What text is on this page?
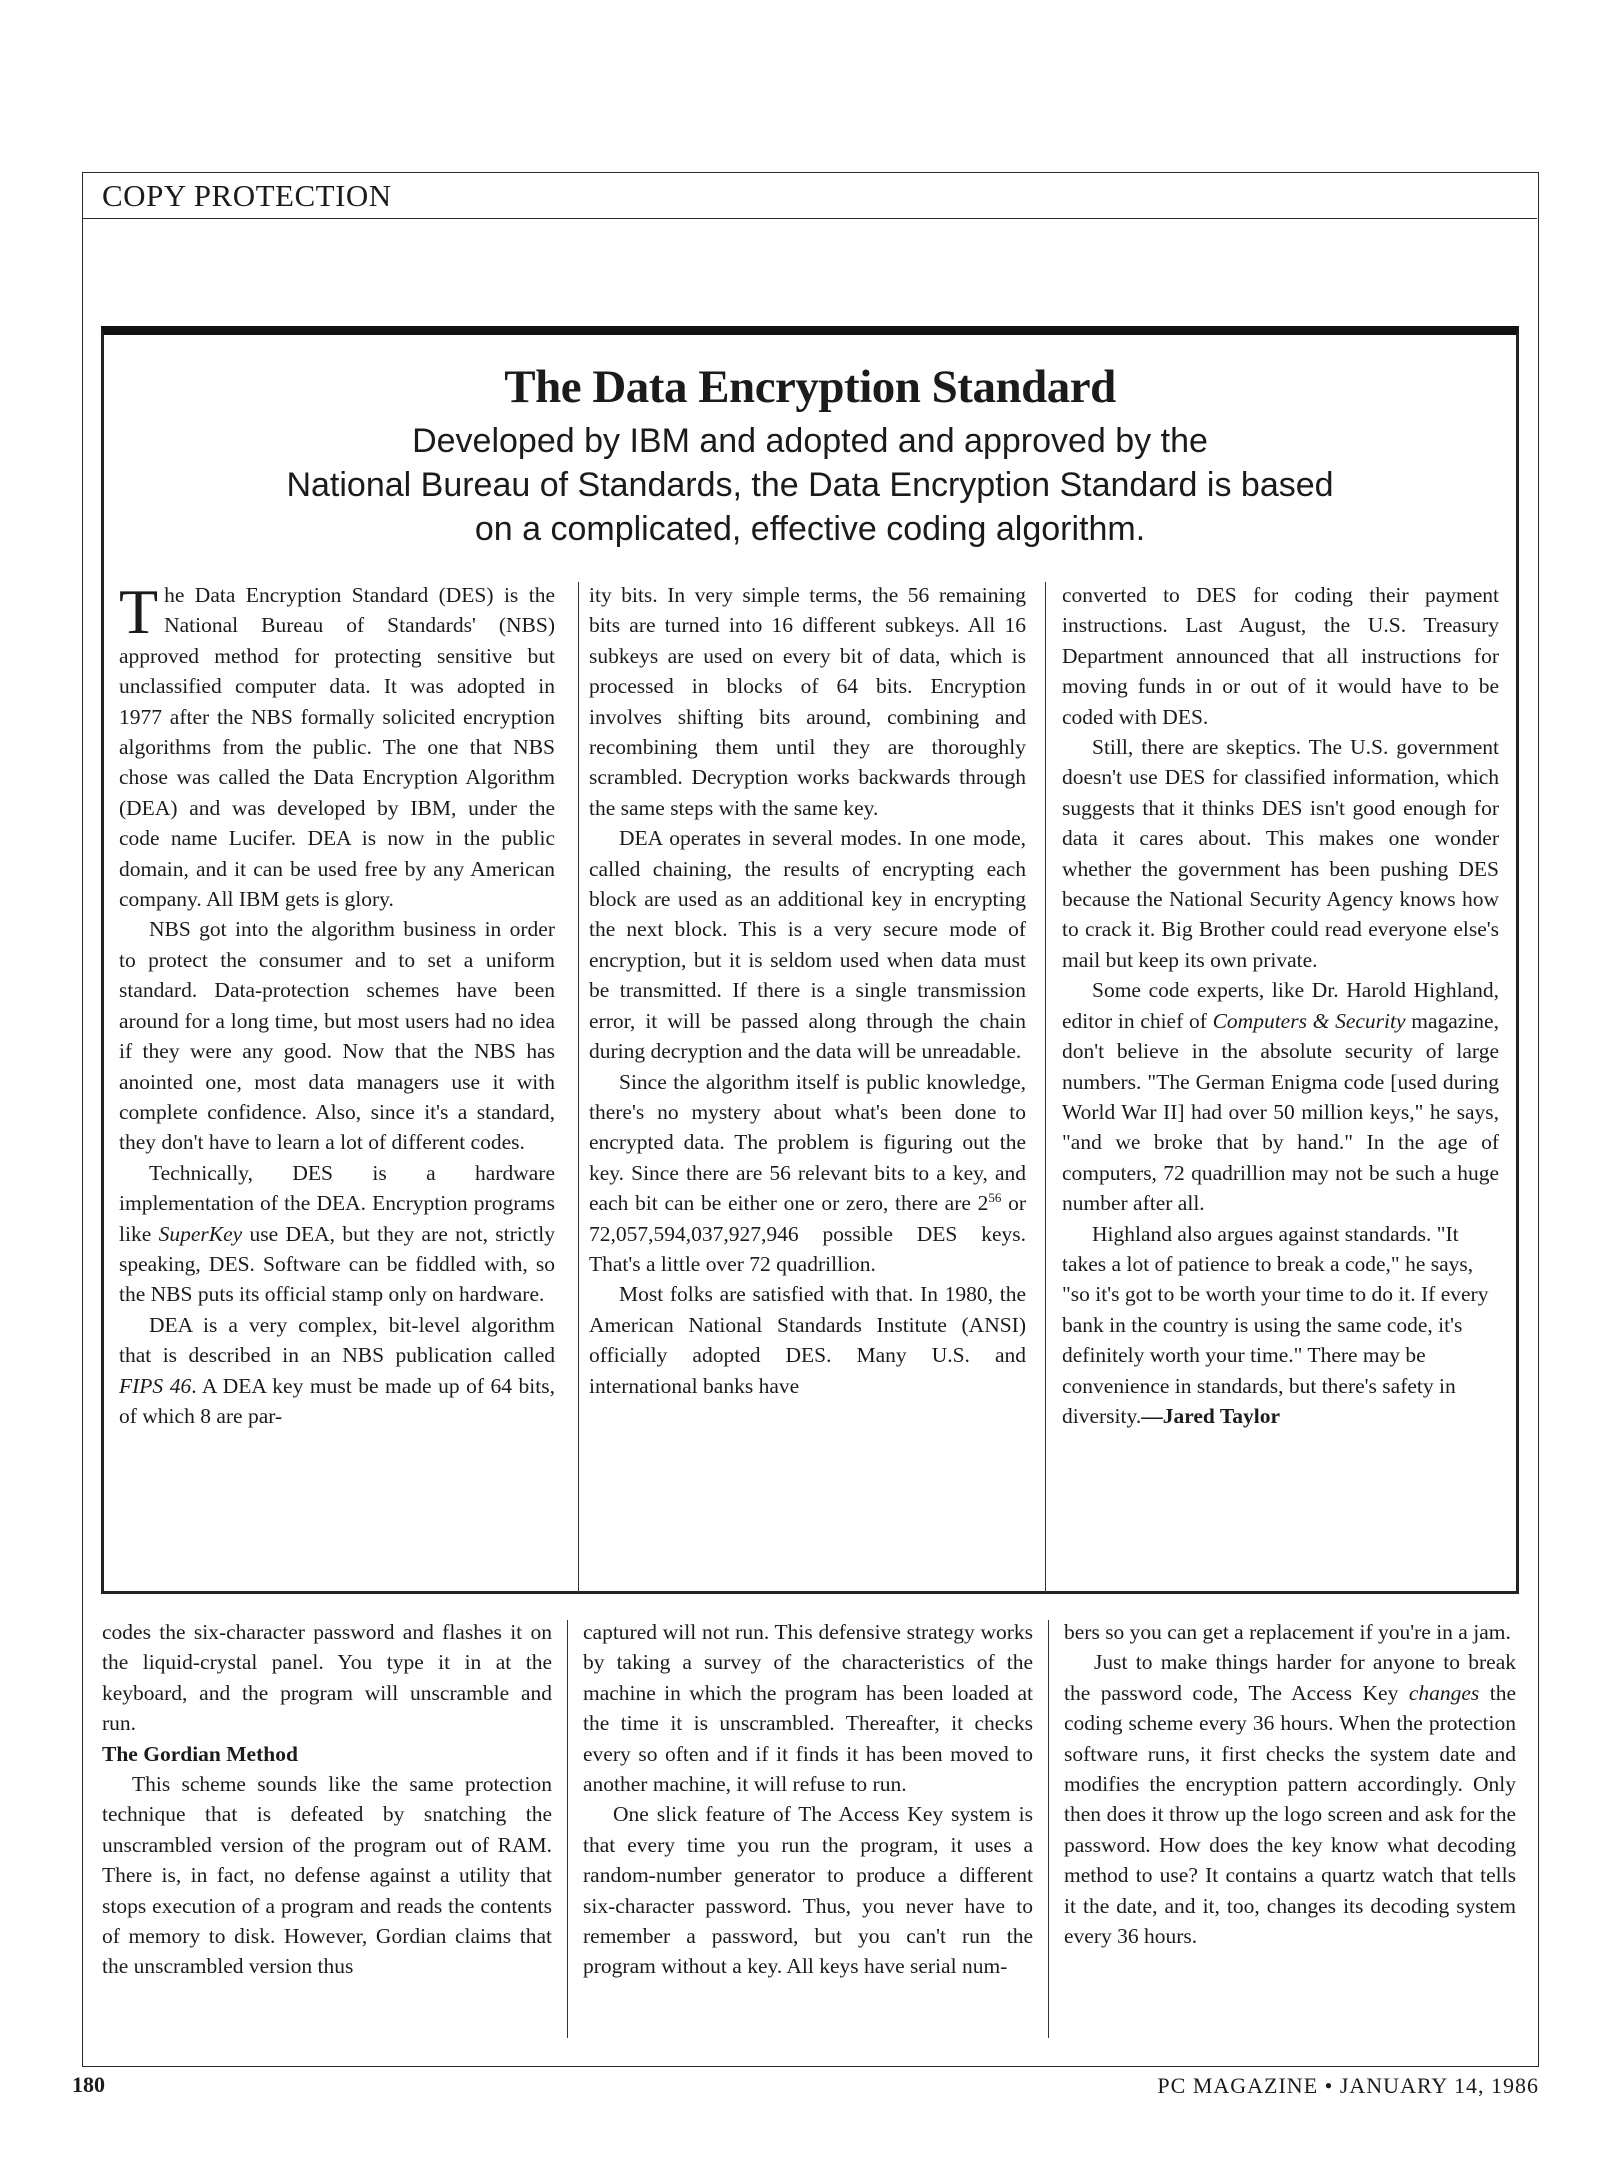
COPY PROTECTION
The Data Encryption Standard
Developed by IBM and adopted and approved by the
National Bureau of Standards, the Data Encryption Standard is based
on a complicated, effective coding algorithm.

The Data Encryption Standard (DES) is the National Bureau of Standards' (NBS) approved method for protecting sensitive but unclassified computer data. It was adopted in 1977 after the NBS formally solicited encryption algorithms from the public. The one that NBS chose was called the Data Encryption Algorithm (DEA) and was developed by IBM, under the code name Lucifer. DEA is now in the public domain, and it can be used free by any American company. All IBM gets is glory.

NBS got into the algorithm business in order to protect the consumer and to set a uniform standard. Data-protection schemes have been around for a long time, but most users had no idea if they were any good. Now that the NBS has anointed one, most data managers use it with complete confidence. Also, since it's a standard, they don't have to learn a lot of different codes.

Technically, DES is a hardware implementation of the DEA. Encryption programs like SuperKey use DEA, but they are not, strictly speaking, DES. Software can be fiddled with, so the NBS puts its official stamp only on hardware.

DEA is a very complex, bit-level algorithm that is described in an NBS publication called FIPS 46. A DEA key must be made up of 64 bits, of which 8 are par-

ity bits. In very simple terms, the 56 remaining bits are turned into 16 different subkeys. All 16 subkeys are used on every bit of data, which is processed in blocks of 64 bits. Encryption involves shifting bits around, combining and recombining them until they are thoroughly scrambled. Decryption works backwards through the same steps with the same key.

DEA operates in several modes. In one mode, called chaining, the results of encrypting each block are used as an additional key in encrypting the next block. This is a very secure mode of encryption, but it is seldom used when data must be transmitted. If there is a single transmission error, it will be passed along through the chain during decryption and the data will be unreadable.

Since the algorithm itself is public knowledge, there's no mystery about what's been done to encrypted data. The problem is figuring out the key. Since there are 56 relevant bits to a key, and each bit can be either one or zero, there are $2^{56}$ or 72,057,594,037,927,946 possible DES keys. That's a little over 72 quadrillion.

Most folks are satisfied with that. In 1980, the American National Standards Institute (ANSI) officially adopted DES. Many U.S. and international banks have

converted to DES for coding their payment instructions. Last August, the U.S. Treasury Department announced that all instructions for moving funds in or out of it would have to be coded with DES.

Still, there are skeptics. The U.S. government doesn't use DES for classified information, which suggests that it thinks DES isn't good enough for data it cares about. This makes one wonder whether the government has been pushing DES because the National Security Agency knows how to crack it. Big Brother could read everyone else's mail but keep its own private.

Some code experts, like Dr. Harold Highland, editor in chief of Computers & Security magazine, don't believe in the absolute security of large numbers. "The German Enigma code [used during World War II] had over 50 million keys," he says, "and we broke that by hand." In the age of computers, 72 quadrillion may not be such a huge number after all.

Highland also argues against standards. "It takes a lot of patience to break a code," he says, "so it's got to be worth your time to do it. If every bank in the country is using the same code, it's definitely worth your time." There may be convenience in standards, but there's safety in diversity.—Jared Taylor

codes the six-character password and flashes it on the liquid-crystal panel. You type it in at the keyboard, and the program will unscramble and run.

The Gordian Method

This scheme sounds like the same protection technique that is defeated by snatching the unscrambled version of the program out of RAM. There is, in fact, no defense against a utility that stops execution of a program and reads the contents of memory to disk. However, Gordian claims that the unscrambled version thus

captured will not run. This defensive strategy works by taking a survey of the characteristics of the machine in which the program has been loaded at the time it is unscrambled. Thereafter, it checks every so often and if it finds it has been moved to another machine, it will refuse to run.

One slick feature of The Access Key system is that every time you run the program, it uses a random-number generator to produce a different six-character password. Thus, you never have to remember a password, but you can't run the program without a key. All keys have serial num-

bers so you can get a replacement if you're in a jam.

Just to make things harder for anyone to break the password code, The Access Key changes the coding scheme every 36 hours. When the protection software runs, it first checks the system date and modifies the encryption pattern accordingly. Only then does it throw up the logo screen and ask for the password. How does the key know what decoding method to use? It contains a quartz watch that tells it the date, and it, too, changes its decoding system every 36 hours.

180	PC MAGAZINE • JANUARY 14, 1986
